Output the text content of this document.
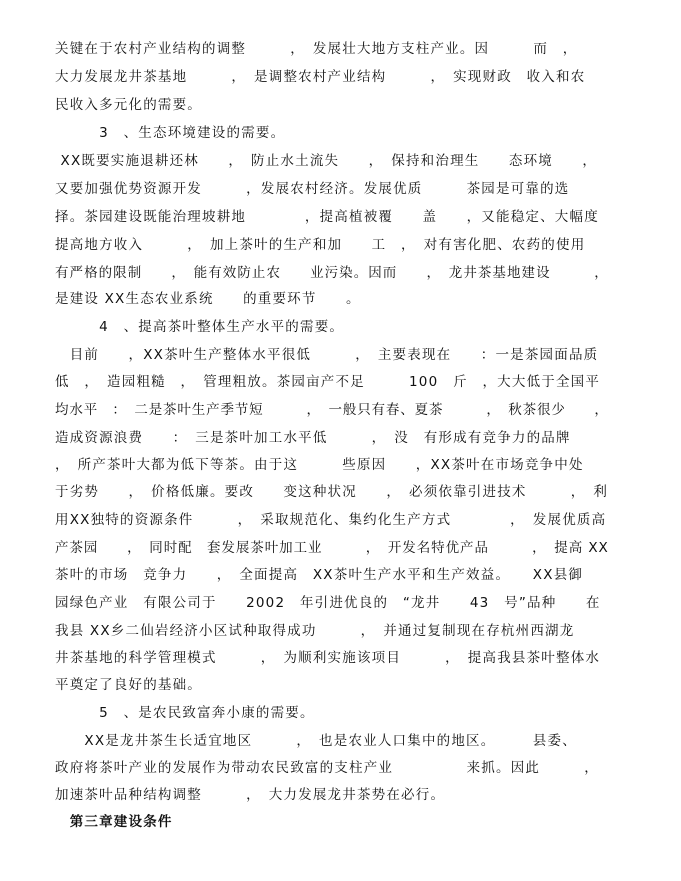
关键在于农村产业结构的调整　　　，　发展壮大地方支柱产业。因　　　而　，
大力发展龙井茶基地　　　，　是调整农村产业结构　　　，　实现财政　收入和农
民收入多元化的需要。
　　　3　、生态环境建设的需要。
XX既要实施退耕还林　　，　防止水土流失　　，　保持和治理生　　态环境　　，
又要加强优势资源开发　　　，发展农村经济。发展优质　　　茶园是可靠的选
择。茶园建设既能治理坡耕地　　　　，提高植被覆　　盖　　，又能稳定、大幅度
提高地方收入　　　，　加上茶叶的生产和加　　工　，　对有害化肥、农药的使用
有严格的限制　　，　能有效防止农　　业污染。因而　　，　龙井茶基地建设　　　，
是建设 XX生态农业系统　　的重要环节　　。
　　　4　、提高茶叶整体生产水平的需要。
　目前　　，XX茶叶生产整体水平很低　　　，　主要表现在　　：一是茶园面品质
低　，　造园粗糙　，　管理粗放。茶园亩产不足　　　100　斤　，大大低于全国平
均水平　：　二是茶叶生产季节短　　　，　一般只有春、夏茶　　　，　秋茶很少　　，
造成资源浪费　　：　三是茶叶加工水平低　　　，　没　有形成有竞争力的品牌
，　所产茶叶大都为低下等茶。由于这　　　些原因　　，XX茶叶在市场竞争中处
于劣势　　，　价格低廉。要改　　变这种状况　　，　必须依靠引进技术　　　，　利
用XX独特的资源条件　　　，　采取规范化、集约化生产方式　　　　，　发展优质高
产茶园　　，　同时配　套发展茶叶加工业　　　，　开发名特优产品　　　，　提高 XX
茶叶的市场　竞争力　　，　全面提高　XX茶叶生产水平和生产效益。　　XX县御
园绿色产业　有限公司于　　2002　年引进优良的　“龙井　　43　号”品种　　在
我县 XX乡二仙岩经济小区试种取得成功　　　，　并通过复制现在存杭州西湖龙
井茶基地的科学管理模式　　　，　为顺利实施该项目　　　，　提高我县茶叶整体水
平奠定了良好的基础。
　　　5　、是农民致富奔小康的需要。
　　XX是龙井茶生长适宜地区　　　，　也是农业人口集中的地区。　　　县委、
政府将茶叶产业的发展作为带动农民致富的支柱产业　　　　　来抓。因此　　　，
加速茶叶品种结构调整　　　，　大力发展龙井茶势在必行。
　第三章建设条件
